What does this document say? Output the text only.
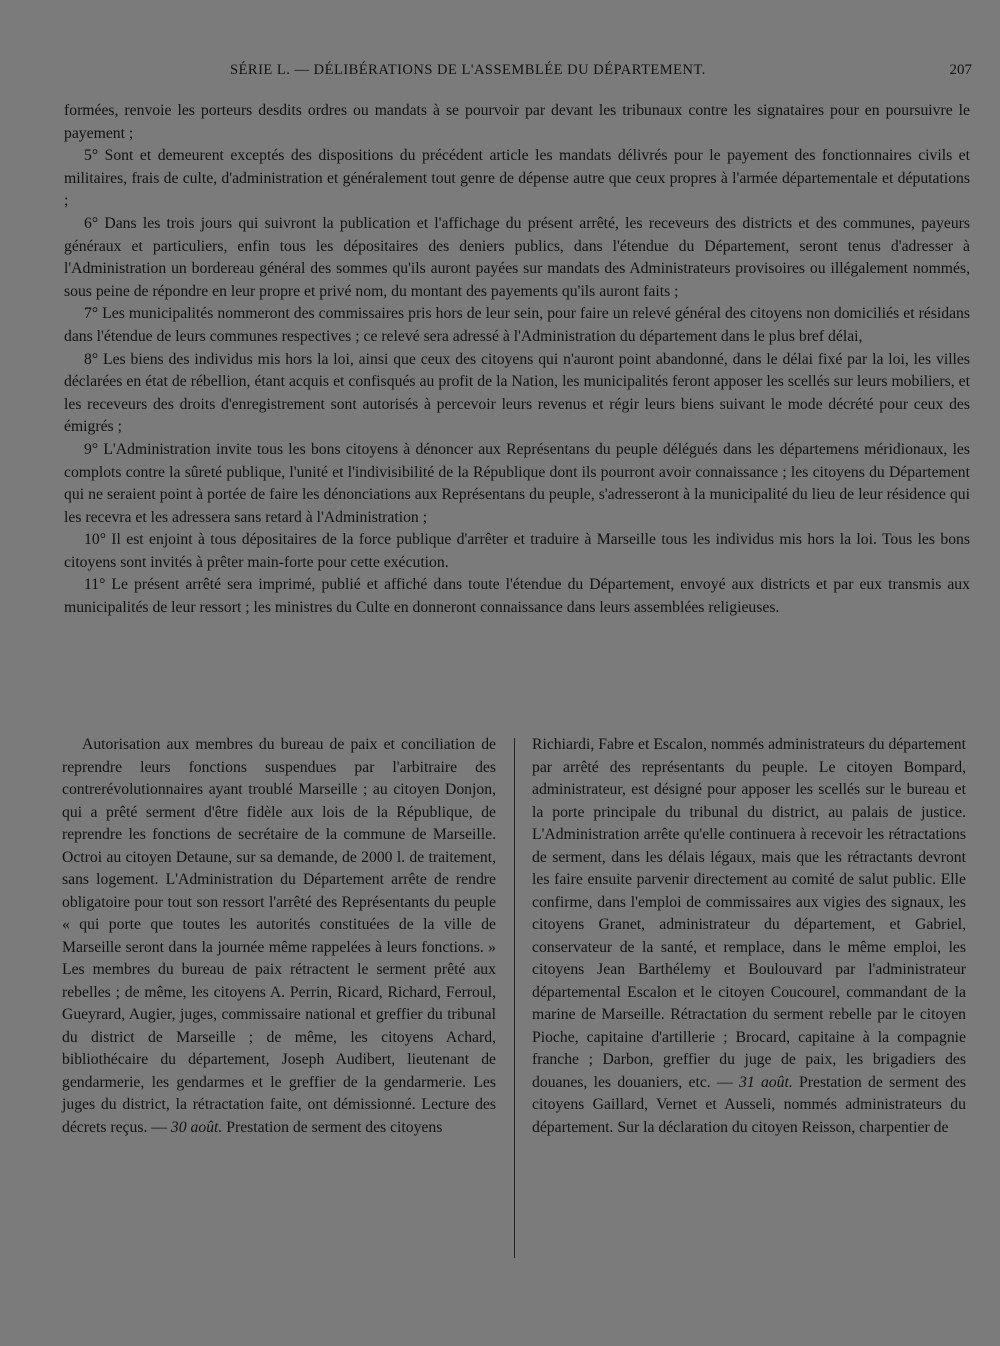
SÉRIE L. — DÉLIBÉRATIONS DE L'ASSEMBLÉE DU DÉPARTEMENT.	207

formées, renvoie les porteurs desdits ordres ou mandats à se pourvoir par devant les tribunaux contre les signataires pour en poursuivre le payement ;

5° Sont et demeurent exceptés des dispositions du précédent article les mandats délivrés pour le payement des fonctionnaires civils et militaires, frais de culte, d'administration et généralement tout genre de dépense autre que ceux propres à l'armée départementale et députations ;

6° Dans les trois jours qui suivront la publication et l'affichage du présent arrêté, les receveurs des districts et des communes, payeurs généraux et particuliers, enfin tous les dépositaires des deniers publics, dans l'étendue du Département, seront tenus d'adresser à l'Administration un bordereau général des sommes qu'ils auront payées sur mandats des Administrateurs provisoires ou illégalement nommés, sous peine de répondre en leur propre et privé nom, du montant des payements qu'ils auront faits ;

7° Les municipalités nommeront des commissaires pris hors de leur sein, pour faire un relevé général des citoyens non domiciliés et résidans dans l'étendue de leurs communes respectives ; ce relevé sera adressé à l'Administration du département dans le plus bref délai,

8° Les biens des individus mis hors la loi, ainsi que ceux des citoyens qui n'auront point abandonné, dans le délai fixé par la loi, les villes déclarées en état de rébellion, étant acquis et confisqués au profit de la Nation, les municipalités feront apposer les scellés sur leurs mobiliers, et les receveurs des droits d'enregistrement sont autorisés à percevoir leurs revenus et régir leurs biens suivant le mode décrété pour ceux des émigrés ;

9° L'Administration invite tous les bons citoyens à dénoncer aux Représentans du peuple délégués dans les départemens méridionaux, les complots contre la sûreté publique, l'unité et l'indivisibilité de la République dont ils pourront avoir connaissance ; les citoyens du Département qui ne seraient point à portée de faire les dénonciations aux Représentans du peuple, s'adresseront à la municipalité du lieu de leur résidence qui les recevra et les adressera sans retard à l'Administration ;

10° Il est enjoint à tous dépositaires de la force publique d'arrêter et traduire à Marseille tous les individus mis hors la loi. Tous les bons citoyens sont invités à prêter main-forte pour cette exécution.

11° Le présent arrêté sera imprimé, publié et affiché dans toute l'étendue du Département, envoyé aux districts et par eux transmis aux municipalités de leur ressort ; les ministres du Culte en donneront connaissance dans leurs assemblées religieuses.

Autorisation aux membres du bureau de paix et conciliation de reprendre leurs fonctions suspendues par l'arbitraire des contrerévolutionnaires ayant troublé Marseille ; au citoyen Donjon, qui a prêté serment d'être fidèle aux lois de la République, de reprendre les fonctions de secrétaire de la commune de Marseille. Octroi au citoyen Detaune, sur sa demande, de 2000 l. de traitement, sans logement. L'Administration du Département arrête de rendre obligatoire pour tout son ressort l'arrêté des Représentants du peuple « qui porte que toutes les autorités constituées de la ville de Marseille seront dans la journée même rappelées à leurs fonctions. » Les membres du bureau de paix rétractent le serment prêté aux rebelles ; de même, les citoyens A. Perrin, Ricard, Richard, Ferroul, Gueyrard, Augier, juges, commissaire national et greffier du tribunal du district de Marseille ; de même, les citoyens Achard, bibliothécaire du département, Joseph Audibert, lieutenant de gendarmerie, les gendarmes et le greffier de la gendarmerie. Les juges du district, la rétractation faite, ont démissionné. Lecture des décrets reçus. — 30 août. Prestation de serment des citoyens

Richiardi, Fabre et Escalon, nommés administrateurs du département par arrêté des représentants du peuple. Le citoyen Bompard, administrateur, est désigné pour apposer les scellés sur le bureau et la porte principale du tribunal du district, au palais de justice. L'Administration arrête qu'elle continuera à recevoir les rétractations de serment, dans les délais légaux, mais que les rétractants devront les faire ensuite parvenir directement au comité de salut public. Elle confirme, dans l'emploi de commissaires aux vigies des signaux, les citoyens Granet, administrateur du département, et Gabriel, conservateur de la santé, et remplace, dans le même emploi, les citoyens Jean Barthélemy et Boulouvard par l'administrateur départemental Escalon et le citoyen Coucourel, commandant de la marine de Marseille. Rétractation du serment rebelle par le citoyen Pioche, capitaine d'artillerie ; Brocard, capitaine à la compagnie franche ; Darbon, greffier du juge de paix, les brigadiers des douanes, les douaniers, etc. — 31 août. Prestation de serment des citoyens Gaillard, Vernet et Ausseli, nommés administrateurs du département. Sur la déclaration du citoyen Reisson, charpentier de
